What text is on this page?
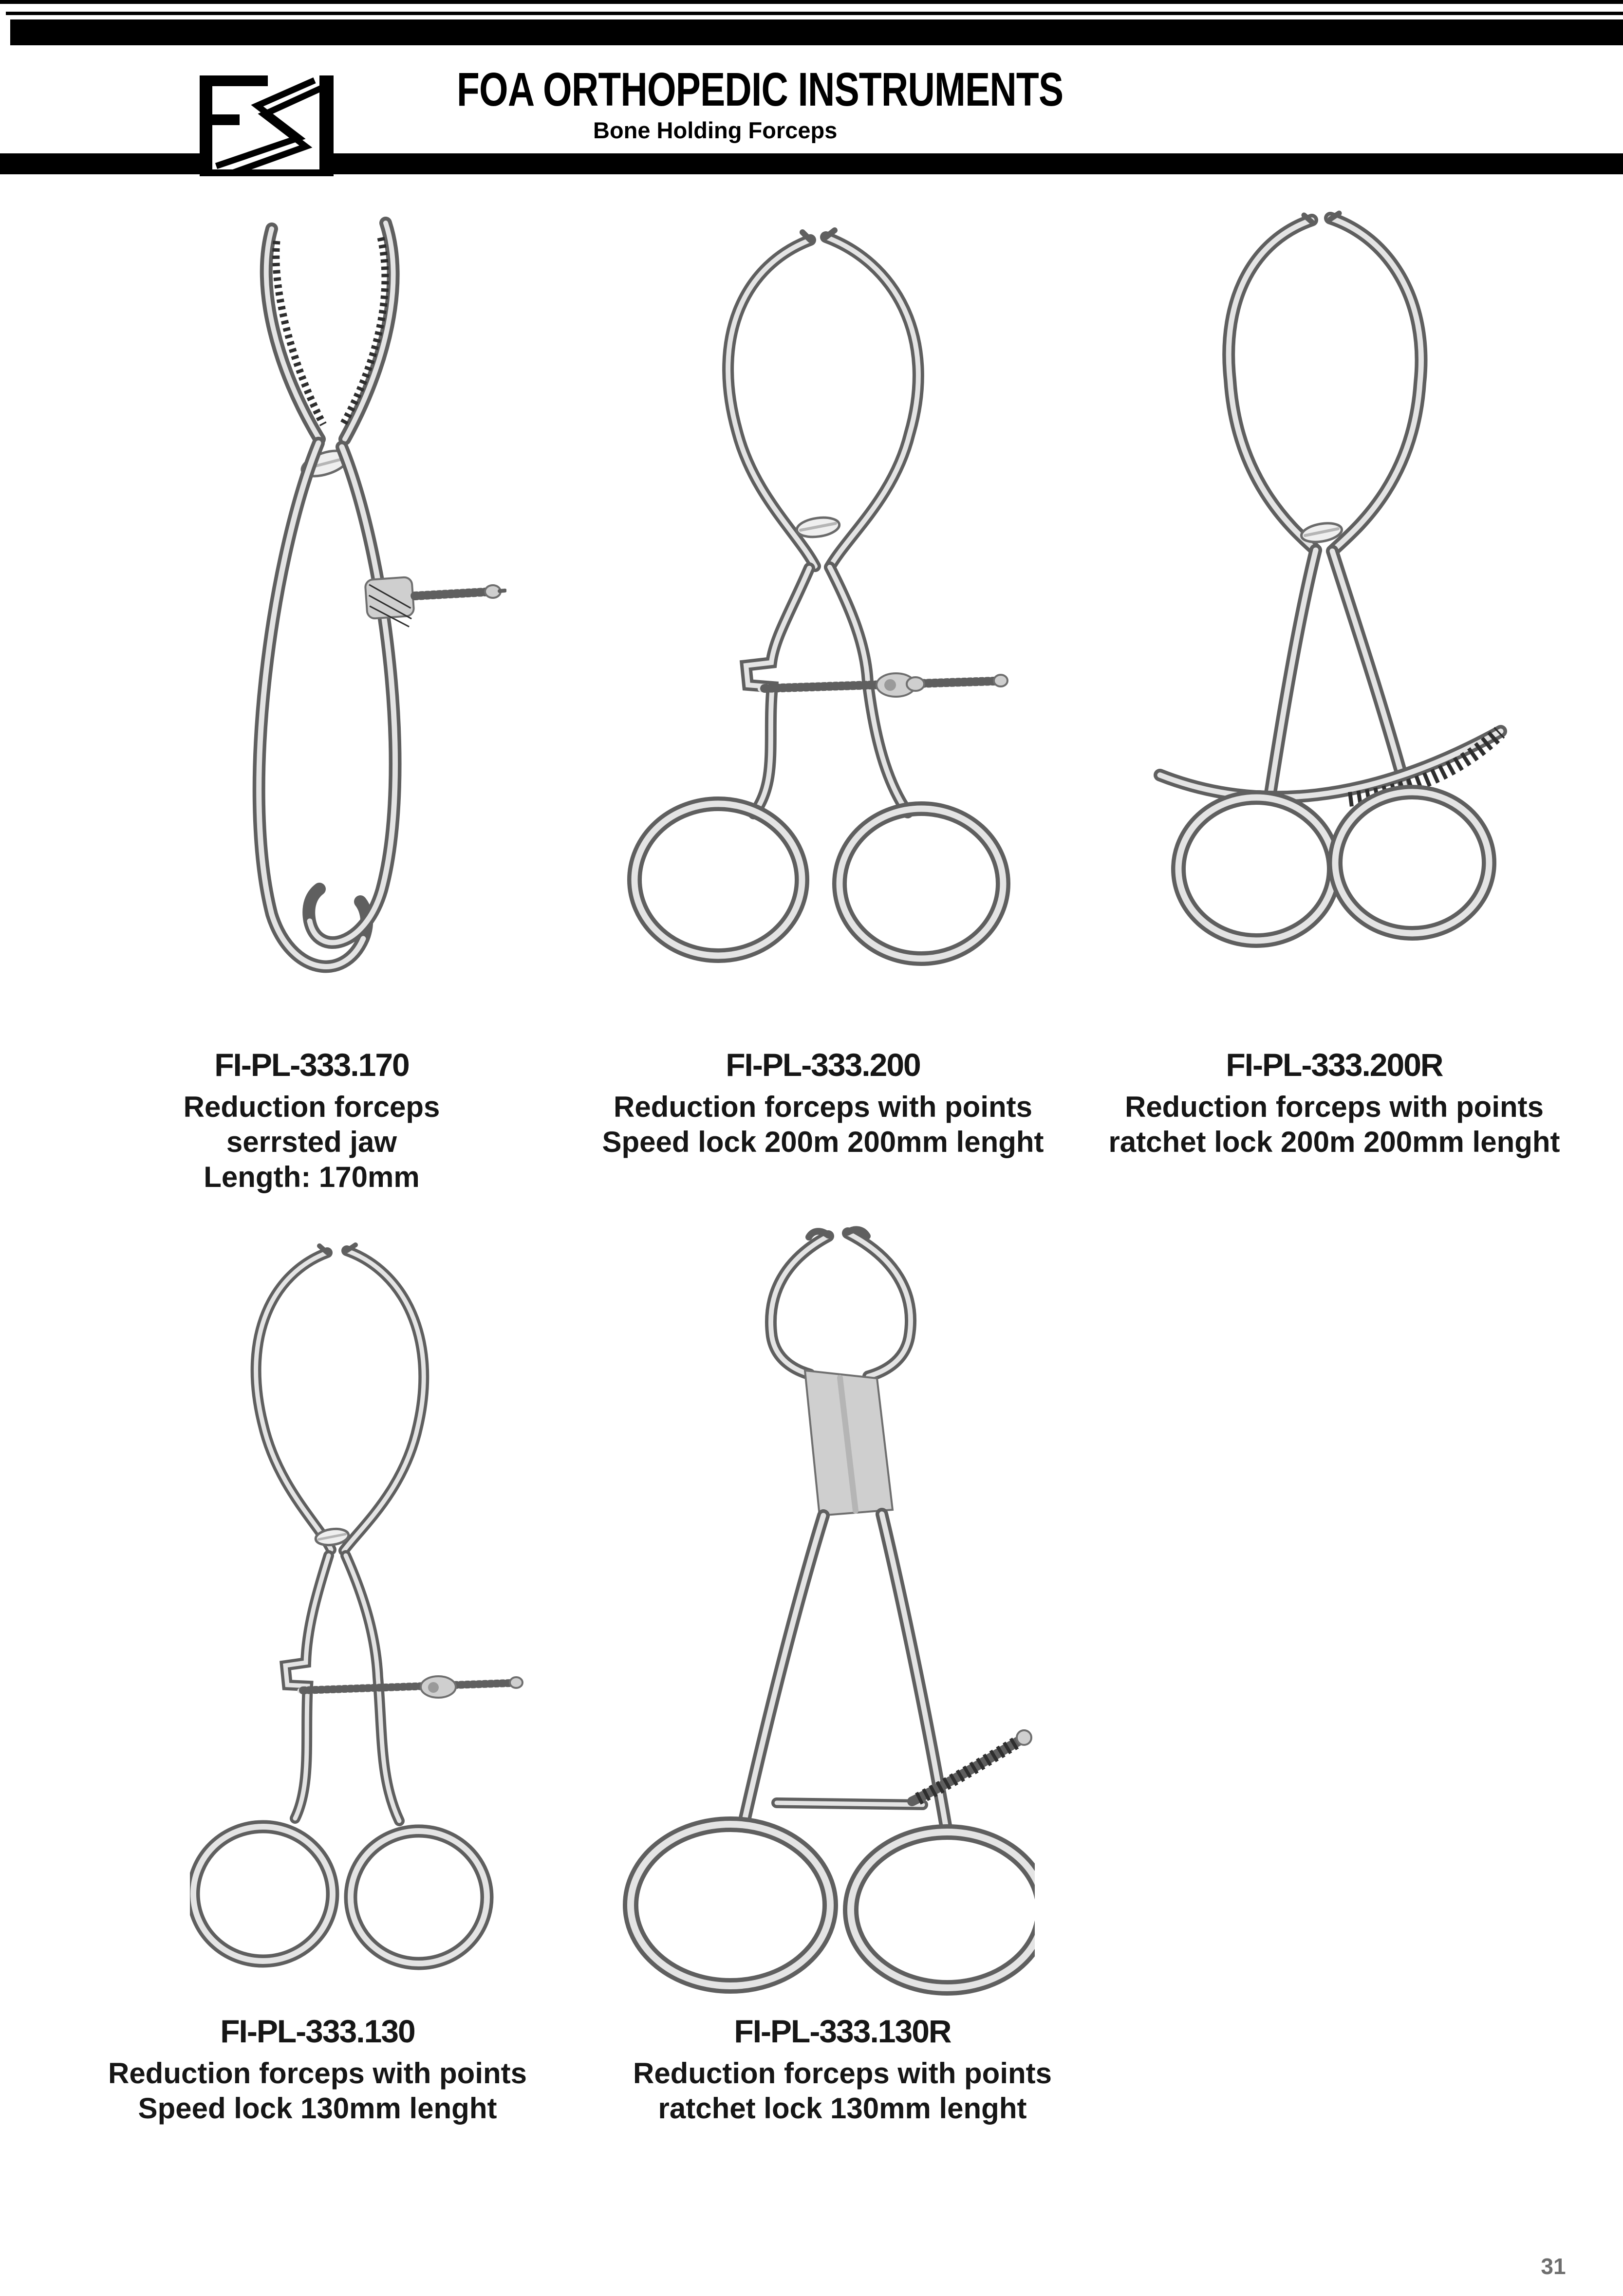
FOA ORTHOPEDIC INSTRUMENTS
Bone Holding Forceps
FI-PL-333.170
Reduction forceps
serrsted jaw
Length: 170mm
FI-PL-333.200
Reduction forceps with points
Speed lock 200m 200mm lenght
FI-PL-333.200R
Reduction forceps with points
ratchet lock 200m 200mm lenght
FI-PL-333.130
Reduction forceps with points
Speed lock 130mm lenght
FI-PL-333.130R
Reduction forceps with points
ratchet lock 130mm lenght
31
